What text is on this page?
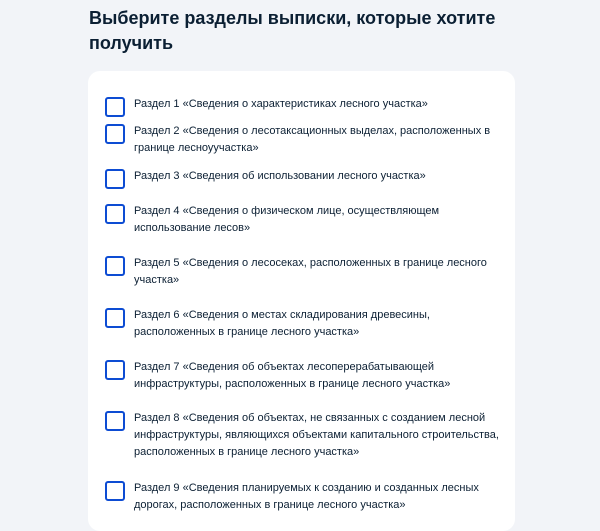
Выберите разделы выписки, которые хотите получить
Раздел 1 «Сведения о характеристиках лесного участка»
Раздел 2 «Сведения о лесотаксационных выделах, расположенных в границе лесноуучастка»
Раздел 3 «Сведения об использовании лесного участка»
Раздел 4 «Сведения о физическом лице, осуществляющем использование лесов»
Раздел 5 «Сведения о лесосеках, расположенных в границе лесного участка»
Раздел 6 «Сведения о местах складирования древесины, расположенных в границе лесного участка»
Раздел 7 «Сведения об объектах лесоперерабатывающей инфраструктуры, расположенных в границе лесного участка»
Раздел 8 «Сведения об объектах, не связанных с созданием лесной инфраструктуры, являющихся объектами капитального строительства, расположенных в границе лесного участка»
Раздел 9 «Сведения планируемых к созданию и созданных лесных дорогах, расположенных в границе лесного участка»
